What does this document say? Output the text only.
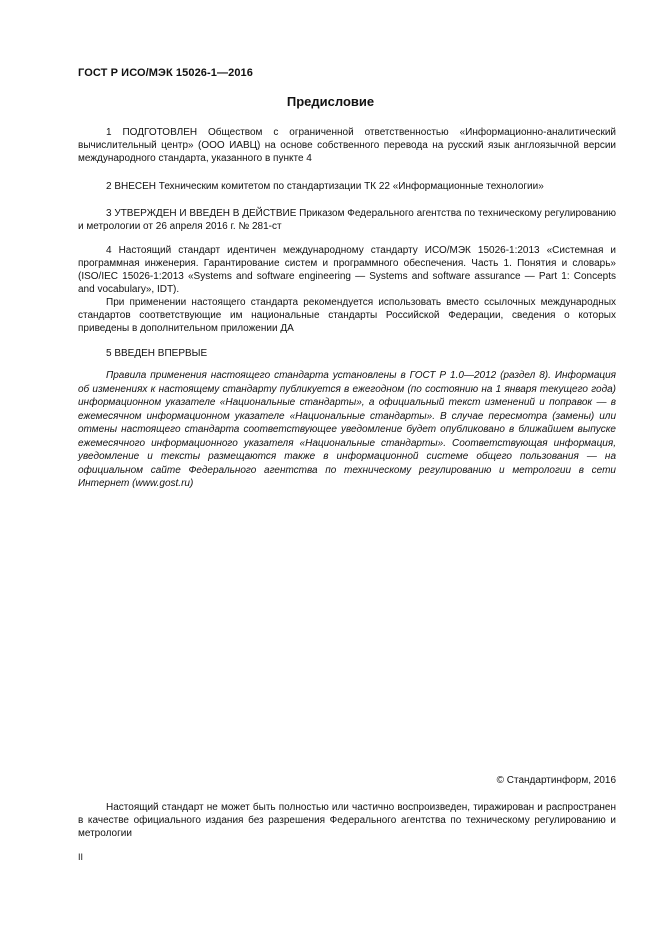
ГОСТ Р ИСО/МЭК 15026-1—2016
Предисловие

1 ПОДГОТОВЛЕН Обществом с ограниченной ответственностью «Информационно-аналитический вычислительный центр» (ООО ИАВЦ) на основе собственного перевода на русский язык англоязычной версии международного стандарта, указанного в пункте 4

2 ВНЕСЕН Техническим комитетом по стандартизации ТК 22 «Информационные технологии»

3 УТВЕРЖДЕН И ВВЕДЕН В ДЕЙСТВИЕ Приказом Федерального агентства по техническому регулированию и метрологии от 26 апреля 2016 г. № 281-ст

4 Настоящий стандарт идентичен международному стандарту ИСО/МЭК 15026-1:2013 «Системная и программная инженерия. Гарантирование систем и программного обеспечения. Часть 1. Понятия и словарь» (ISO/IEC 15026-1:2013 «Systems and software engineering — Systems and software assurance — Part 1: Concepts and vocabulary», IDT).

При применении настоящего стандарта рекомендуется использовать вместо ссылочных международных стандартов соответствующие им национальные стандарты Российской Федерации, сведения о которых приведены в дополнительном приложении ДА

5 ВВЕДЕН ВПЕРВЫЕ

Правила применения настоящего стандарта установлены в ГОСТ Р 1.0—2012 (раздел 8). Информация об изменениях к настоящему стандарту публикуется в ежегодном (по состоянию на 1 января текущего года) информационном указателе «Национальные стандарты», а официальный текст изменений и поправок — в ежемесячном информационном указателе «Национальные стандарты». В случае пересмотра (замены) или отмены настоящего стандарта соответствующее уведомление будет опубликовано в ближайшем выпуске ежемесячного информационного указателя «Национальные стандарты». Соответствующая информация, уведомление и тексты размещаются также в информационной системе общего пользования — на официальном сайте Федерального агентства по техническому регулированию и метрологии в сети Интернет (www.gost.ru)

© Стандартинформ, 2016

Настоящий стандарт не может быть полностью или частично воспроизведен, тиражирован и распространен в качестве официального издания без разрешения Федерального агентства по техническому регулированию и метрологии

II
